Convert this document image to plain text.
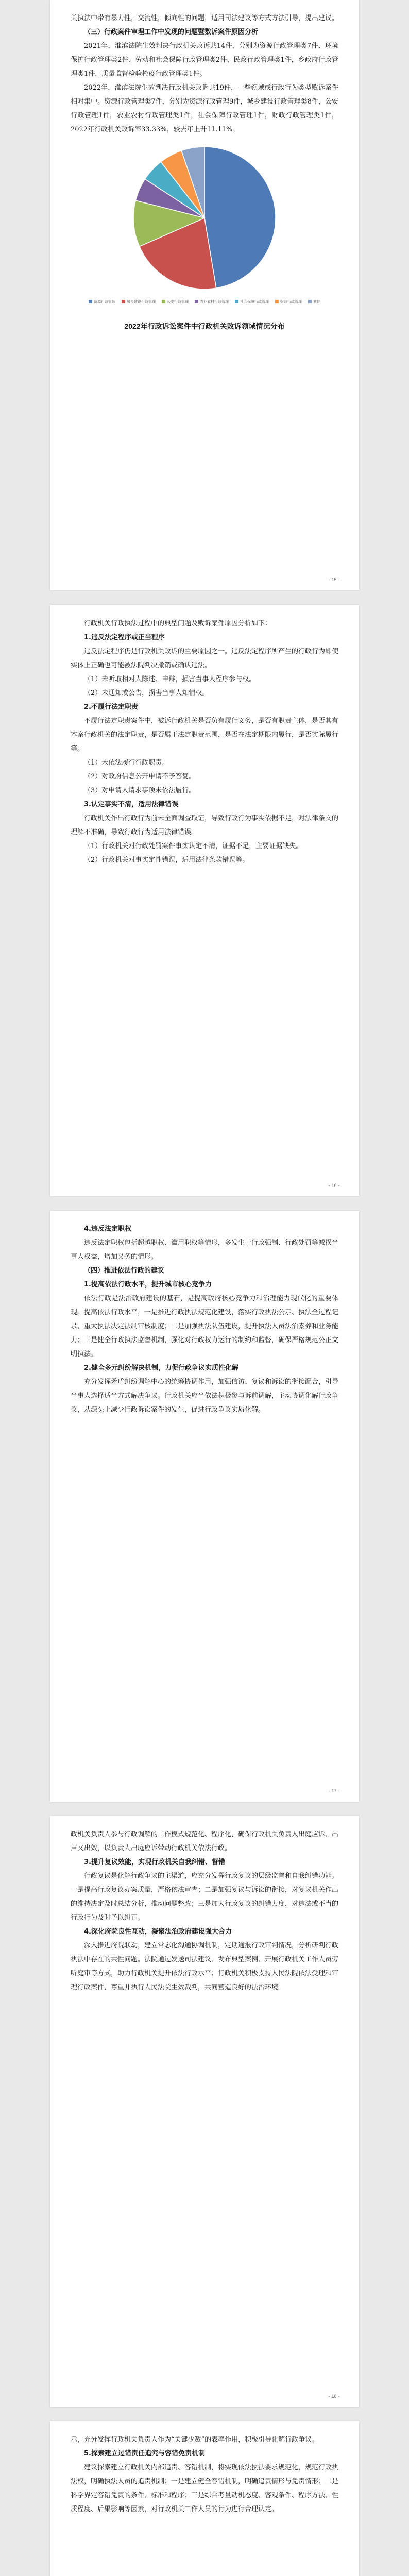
关执法中带有暴力性，交流性，倾向性的问题，适用司法建议等方式方法引导，提出建议。

（三）行政案件审理工作中发现的问题暨数诉案件原因分析

2021年，淮滨法院生效判决行政机关败诉共14件，分别为资源行政管理类7件、环境保护行政管理类2件、劳动和社会保障行政管理类2件、民政行政管理类1件，乡政府行政管理类1件，质量监督检验检疫行政管理类1件。

2022年，淮滨法院生效判决行政机关败诉共19件，一些领域或行政行为类型败诉案件相对集中。资源行政管理类7件，分别为资源行政管理9件，城乡建设行政管理类8件，公安行政管理1件，农业农村行政管理类1件，社会保障行政管理1件，财政行政管理类1件，2022年行政机关败诉率33.33%，较去年上升11.11%。

资源行政管理	城乡建设行政管理	公安行政管理	农业农村行政管理	社会保障行政管理	财政行政管理	其他
2022年行政诉讼案件中行政机关败诉领域情况分布
- 15 -

行政机关行政执法过程中的典型问题及败诉案件原因分析如下：

1.违反法定程序或正当程序

违反法定程序仍是行政机关败诉的主要原因之一。违反法定程序所产生的行政行为即使实体上正确也可能被法院判决撤销或确认违法。

（1）未听取相对人陈述、申辩，损害当事人程序参与权。

（2）未通知或公告，损害当事人知情权。

2.不履行法定职责

不履行法定职责案件中，被诉行政机关是否负有履行义务，是否有职责主体，是否其有本案行政机关的法定职责，是否属于法定职责范围，是否在法定期限内履行，是否实际履行等。

（1）未依法履行行政职责。

（2）对政府信息公开申请不予答复。

（3）对申请人请求事项未依法履行。

3.认定事实不清，适用法律错误

行政机关作出行政行为前未全面调查取证，导致行政行为事实依据不足，对法律条文的理解不准确，导致行政行为适用法律错误。

（1）行政机关对行政处罚案件事实认定不清，证据不足，主要证据缺失。

（2）行政机关对事实定性错误，适用法律条款错误等。

- 16 -

4.违反法定职权

违反法定职权包括超越职权、滥用职权等情形，多发生于行政强制、行政处罚等减损当事人权益，增加义务的情形。

（四）推进依法行政的建议

1.提高依法行政水平，提升城市核心竞争力

依法行政是法治政府建设的基石，是提高政府核心竞争力和治理能力现代化的重要体现。提高依法行政水平，一是推进行政执法规范化建设，落实行政执法公示、执法全过程记录、重大执法决定法制审核制度；二是加强执法队伍建设，提升执法人员法治素养和业务能力；三是健全行政执法监督机制，强化对行政权力运行的制约和监督，确保严格规范公正文明执法。

2.健全多元纠纷解决机制，力促行政争议实质性化解

充分发挥矛盾纠纷调解中心的统筹协调作用，加强信访、复议和诉讼的衔接配合，引导当事人选择适当方式解决争议。行政机关应当依法积极参与诉前调解，主动协调化解行政争议，从源头上减少行政诉讼案件的发生，促进行政争议实质化解。

- 17 -

政机关负责人参与行政调解的工作模式规范化、程序化，确保行政机关负责人出庭应诉、出声又出效，以负责人出庭应诉带动行政机关依法行政。

3.提升复议效能，实现行政机关自我纠错、督错

行政复议是化解行政争议的主渠道，应充分发挥行政复议的层级监督和自我纠错功能。一是提高行政复议办案质量，严格依法审查；二是加强复议与诉讼的衔接，对复议机关作出的维持决定及时总结分析，推动问题整改；三是加大行政复议的纠错力度，对违法或不当的行政行为及时予以纠正。

4.深化府院良性互动，凝聚法治政府建设强大合力

深入推进府院联动，建立常态化沟通协调机制，定期通报行政审判情况，分析研判行政执法中存在的共性问题。法院通过发送司法建议、发布典型案例、开展行政机关工作人员旁听庭审等方式，助力行政机关提升依法行政水平；行政机关积极支持人民法院依法受理和审理行政案件，尊重并执行人民法院生效裁判，共同营造良好的法治环境。

- 18 -

示，充分发挥行政机关负责人作为“关键少数”的表率作用，积极引导化解行政争议。

5.探索建立过错责任追究与容错免责机制

建议探索建立行政机关内部追责、容错机制，将实现依法执法要求规范化，规范行政执法权，明确执法人员的追责机制；一是建立健全容错机制，明确追责情形与免责情形；二是科学界定容错免责的条件、标准和程序；三是综合考量动机态度、客观条件、程序方法、性质程度、后果影响等因素，对行政机关工作人员的行为进行合理认定。
